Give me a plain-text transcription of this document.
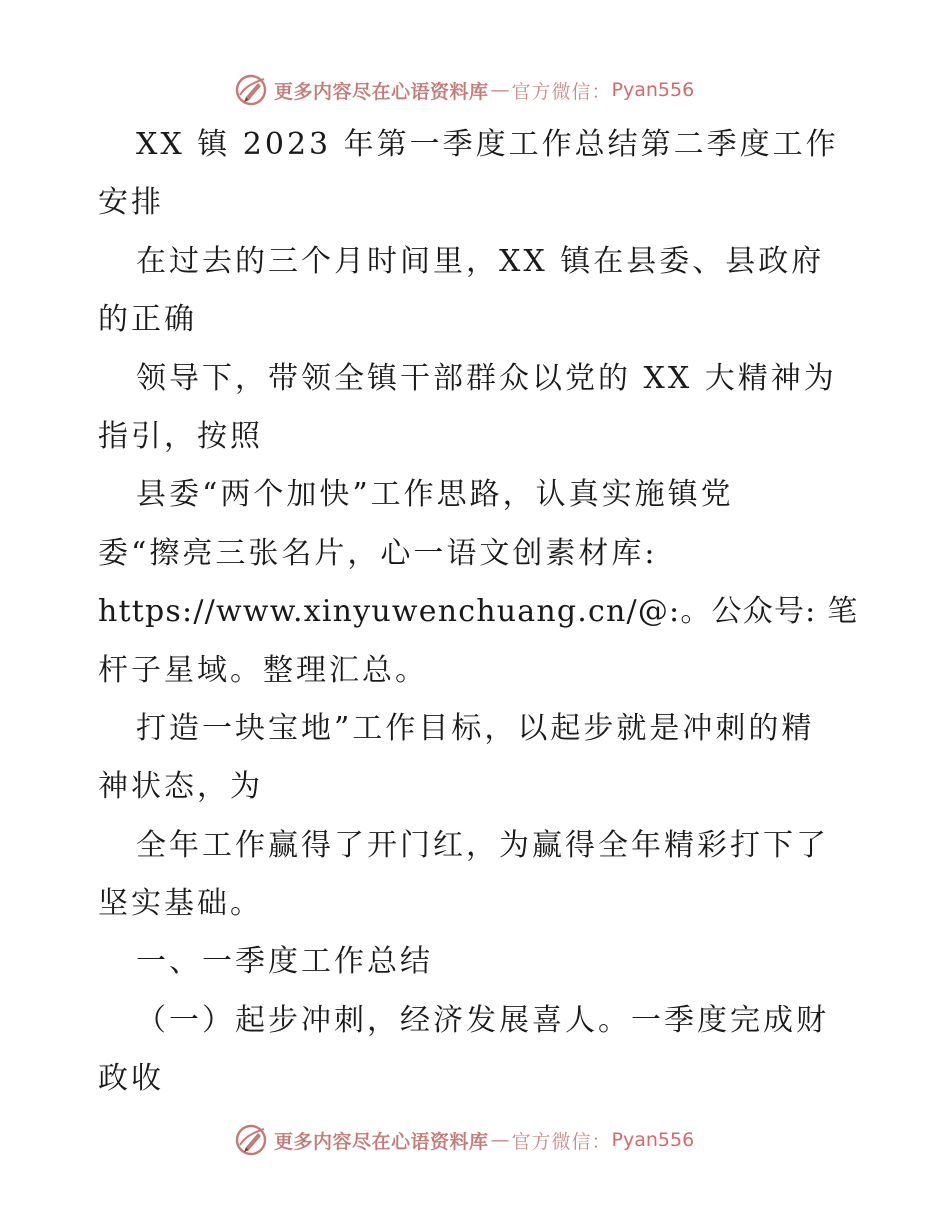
更多内容尽在心语资料库 — 官方微信： Pyan556
XX 镇 2023 年第一季度工作总结第二季度工作
安排
在过去的三个月时间里，XX 镇在县委、县政府
的正确
领导下，带领全镇干部群众以党的 XX 大精神为
指引，按照
县委“两个加快”工作思路，认真实施镇党
委“擦亮三张名片，心一语文创素材库:
https://www.xinyuwenchuang.cn/@:。公众号: 笔
杆子星域。整理汇总。
打造一块宝地”工作目标，以起步就是冲刺的精
神状态，为
全年工作赢得了开门红，为赢得全年精彩打下了
坚实基础。
一、一季度工作总结
（一）起步冲刺，经济发展喜人。一季度完成财
政收
更多内容尽在心语资料库 — 官方微信： Pyan556
